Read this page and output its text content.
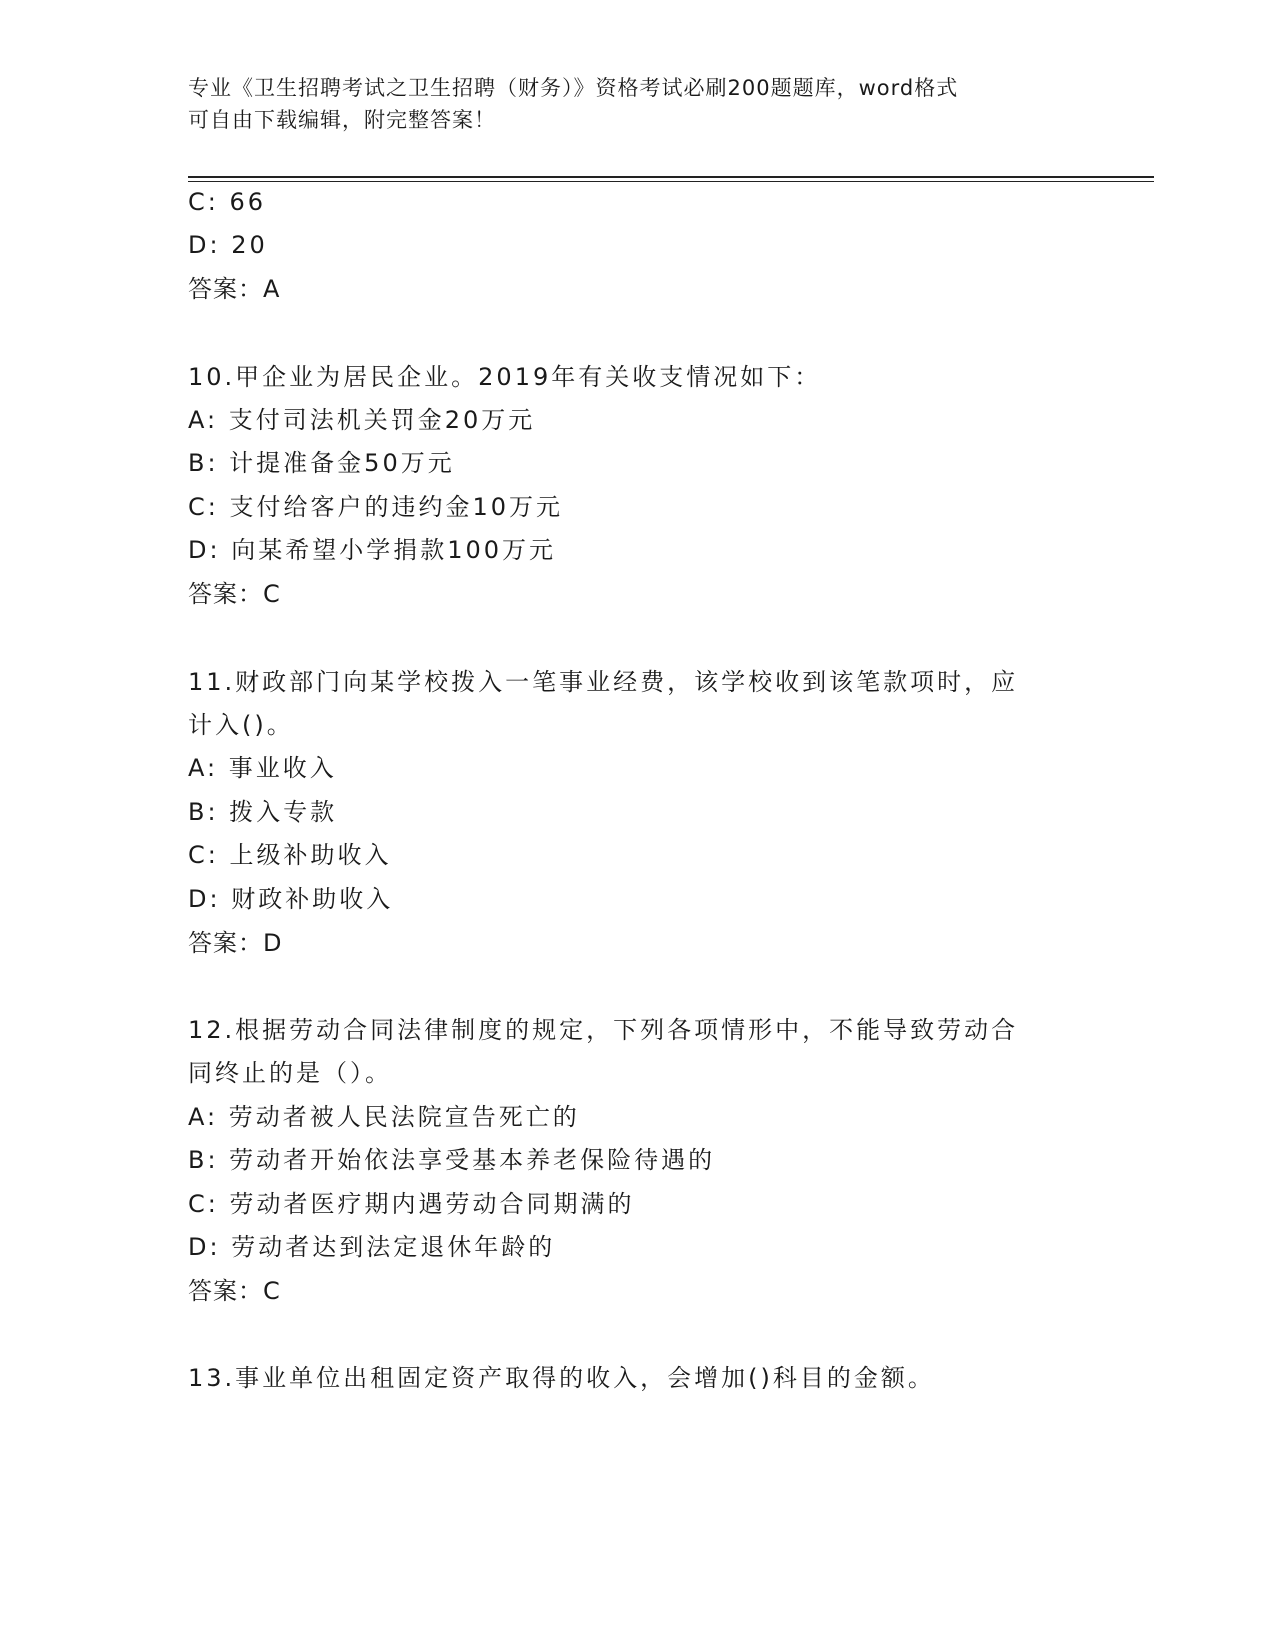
专业《卫生招聘考试之卫生招聘（财务）》资格考试必刷200题题库，word格式
可自由下载编辑，附完整答案！
C: 66
D: 20
答案：A
10.甲企业为居民企业。2019年有关收支情况如下：
A: 支付司法机关罚金20万元
B: 计提准备金50万元
C: 支付给客户的违约金10万元
D: 向某希望小学捐款100万元
答案：C
11.财政部门向某学校拨入一笔事业经费，该学校收到该笔款项时，应
计入()。
A: 事业收入
B: 拨入专款
C: 上级补助收入
D: 财政补助收入
答案：D
12.根据劳动合同法律制度的规定，下列各项情形中，不能导致劳动合
同终止的是（）。
A: 劳动者被人民法院宣告死亡的
B: 劳动者开始依法享受基本养老保险待遇的
C: 劳动者医疗期内遇劳动合同期满的
D: 劳动者达到法定退休年龄的
答案：C
13.事业单位出租固定资产取得的收入，会增加()科目的金额。
